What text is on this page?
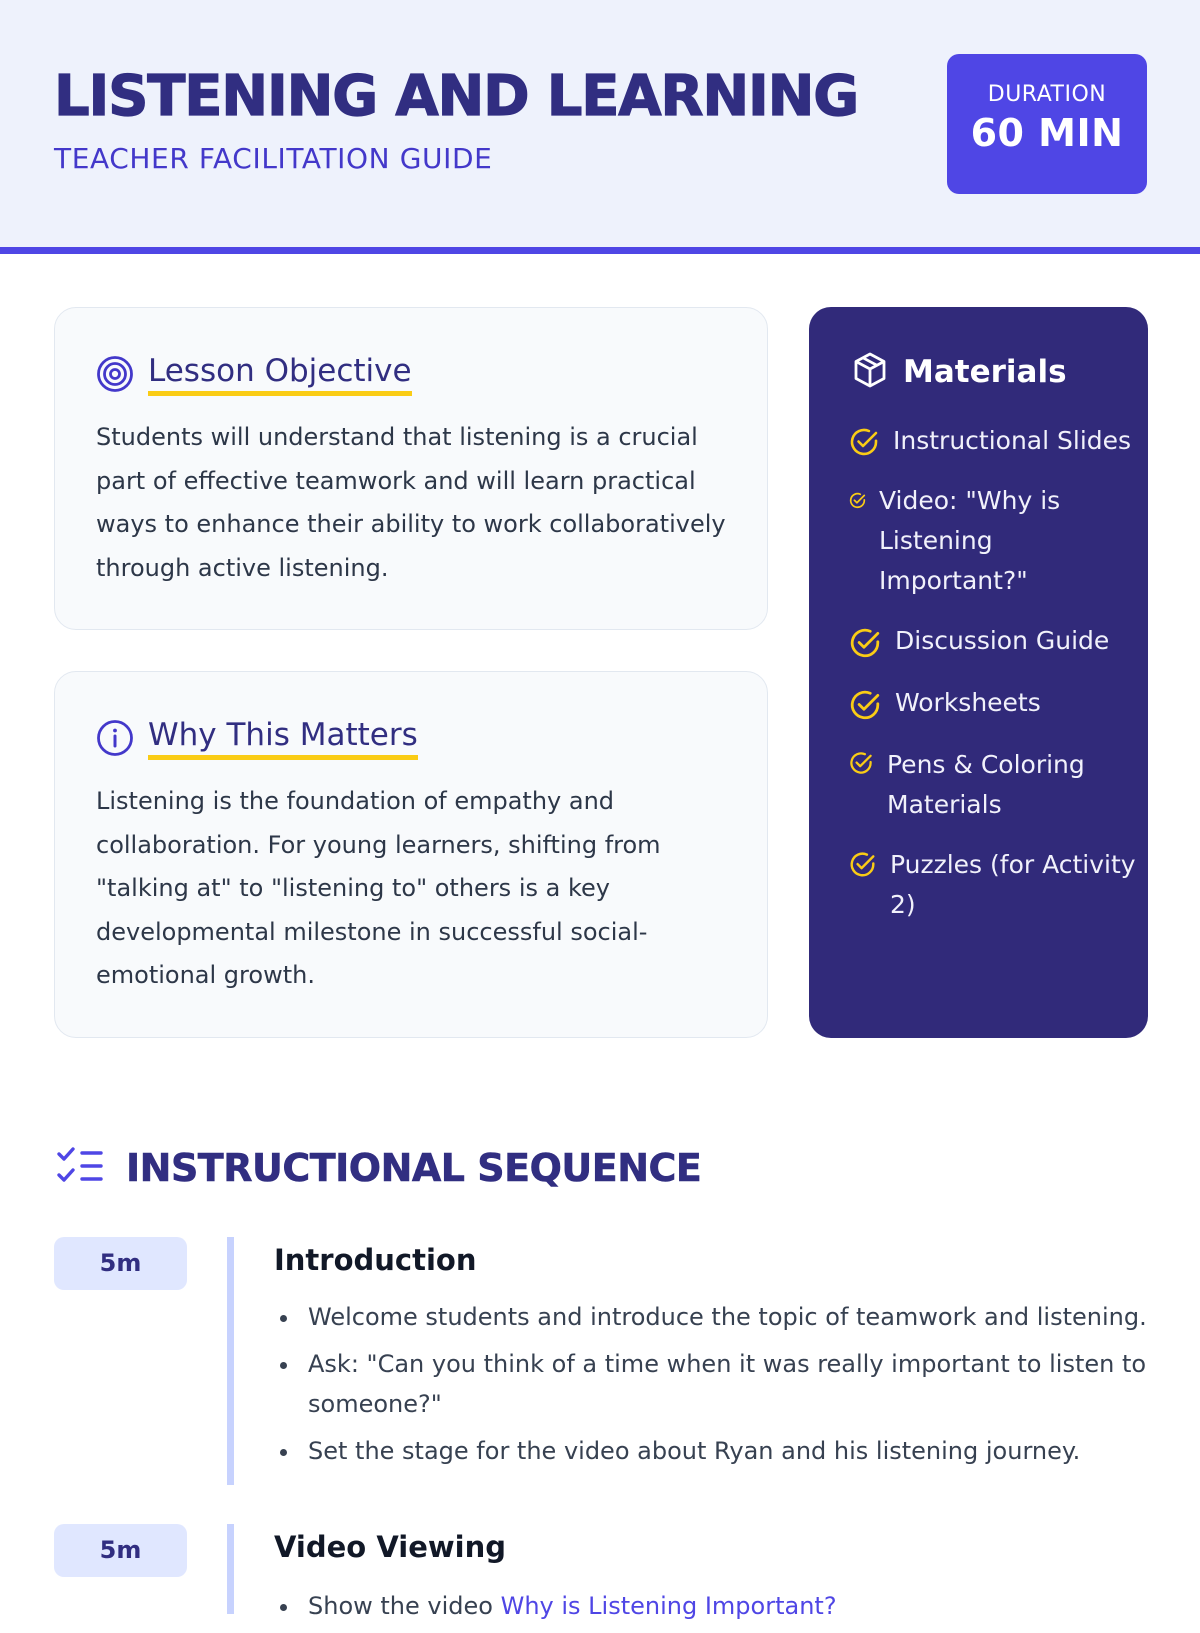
LISTENING AND LEARNING
TEACHER FACILITATION GUIDE
DURATION
60 MIN
Lesson Objective

Students will understand that listening is a crucial part of effective teamwork and will learn practical ways to enhance their ability to work collaboratively through active listening.

Why This Matters

Listening is the foundation of empathy and collaboration. For young learners, shifting from "talking at" to "listening to" others is a key developmental milestone in successful social-emotional growth.

Materials
Instructional Slides
Video: "Why is Listening Important?"
Discussion Guide
Worksheets
Pens & Coloring Materials
Puzzles (for Activity 2)
INSTRUCTIONAL SEQUENCE
5m	Introduction
Welcome students and introduce the topic of teamwork and listening.
Ask: "Can you think of a time when it was really important to listen to someone?"
Set the stage for the video about Ryan and his listening journey.
5m	Video Viewing
Show the video Why is Listening Important?
